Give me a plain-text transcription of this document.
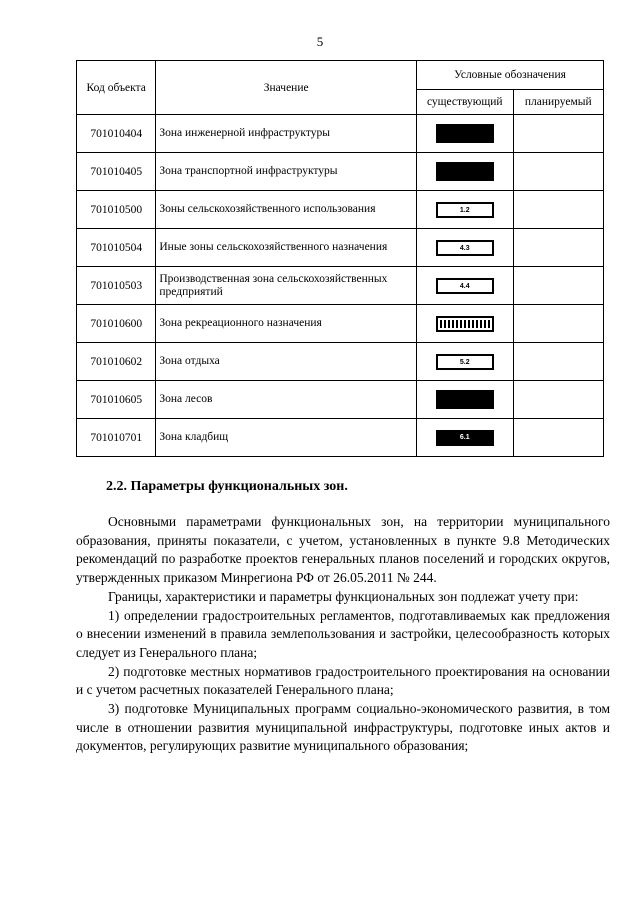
5
Код объекта	Значение	Условные обозначения	
		существующий	планируемый
701010404	Зона инженерной инфраструктуры		
701010405	Зона транспортной инфраструктуры		
701010500	Зоны сельскохозяйственного использования	1.2	
701010504	Иные зоны сельскохозяйственного назначения	4.3	
701010503	Производственная зона сельскохозяйственных предприятий	4.4	
701010600	Зона рекреационного назначения	

701010602	Зона отдыха	5.2	
701010605	Зона лесов		
701010701	Зона кладбищ	6.1	
2.2. Параметры функциональных зон.

Основными параметрами функциональных зон, на территории муниципального образования, приняты показатели, с учетом, установленных в пункте 9.8 Методических рекомендаций по разработке проектов генеральных планов поселений и городских округов, утвержденных приказом Минрегиона РФ от 26.05.2011 № 244.

Границы, характеристики и параметры функциональных зон подлежат учету при:

1) определении градостроительных регламентов, подготавливаемых как предложения о внесении изменений в правила землепользования и застройки, целесообразность которых следует из Генерального плана;

2) подготовке местных нормативов градостроительного проектирования на основании и с учетом расчетных показателей Генерального плана;

3) подготовке Муниципальных программ социально-экономического развития, в том числе в отношении развития муниципальной инфраструктуры, подготовке иных актов и документов, регулирующих развитие муниципального образования;
